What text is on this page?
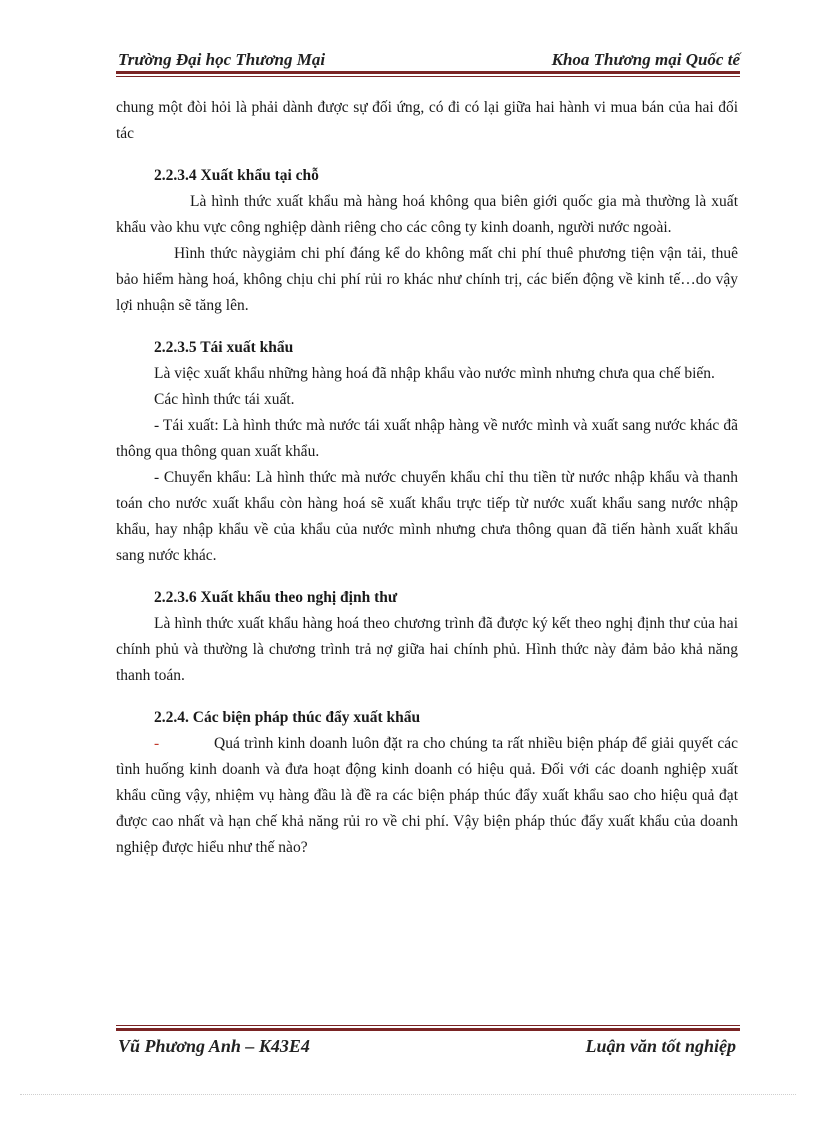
Trường Đại học Thương Mại	Khoa Thương mại Quốc tế

chung một đòi hỏi là phải dành được sự đối ứng, có đi có lại giữa hai hành vi mua bán của hai đối tác

2.2.3.4 Xuất khẩu tại chỗ

Là hình thức xuất khẩu mà hàng hoá không qua biên giới quốc gia mà thường là xuất khẩu vào khu vực công nghiệp dành riêng cho các công ty kinh doanh, người nước ngoài.

Hình thức nàygiảm chi phí đáng kể do không mất chi phí thuê phương tiện vận tải, thuê bảo hiểm hàng hoá, không chịu chi phí rủi ro khác như chính trị, các biến động về kinh tế…do vậy lợi nhuận sẽ tăng lên.

2.2.3.5 Tái xuất khẩu

Là việc xuất khẩu những hàng hoá đã nhập khẩu vào nước mình nhưng chưa qua chế biến.

Các hình thức tái xuất.

- Tái xuất: Là hình thức mà nước tái xuất nhập hàng về nước mình và xuất sang nước khác đã thông qua thông quan xuất khẩu.

- Chuyển khẩu: Là hình thức mà nước chuyển khẩu chỉ thu tiền từ nước nhập khẩu và thanh toán cho nước xuất khẩu còn hàng hoá sẽ xuất khẩu trực tiếp từ nước xuất khẩu sang nước nhập khẩu, hay nhập khẩu về của khẩu của nước mình nhưng chưa thông quan đã tiến hành xuất khẩu sang nước khác.

2.2.3.6 Xuất khẩu theo nghị định thư

Là hình thức xuất khẩu hàng hoá theo chương trình đã được ký kết theo nghị định thư của hai chính phủ và thường là chương trình trả nợ giữa hai chính phủ. Hình thức này đảm bảo khả năng thanh toán.

2.2.4. Các biện pháp thúc đẩy xuất khẩu

-	Quá trình kinh doanh luôn đặt ra cho chúng ta rất nhiều biện pháp để giải quyết các tình huống kinh doanh và đưa hoạt động kinh doanh có hiệu quả. Đối với các doanh nghiệp xuất khẩu cũng vậy, nhiệm vụ hàng đầu là đề ra các biện pháp thúc đẩy xuất khẩu sao cho hiệu quả đạt được cao nhất và hạn chế khả năng rủi ro về chi phí. Vậy biện pháp thúc đẩy xuất khẩu của doanh nghiệp được hiểu như thế nào?

Vũ Phương Anh – K43E4	Luận văn tốt nghiệp
